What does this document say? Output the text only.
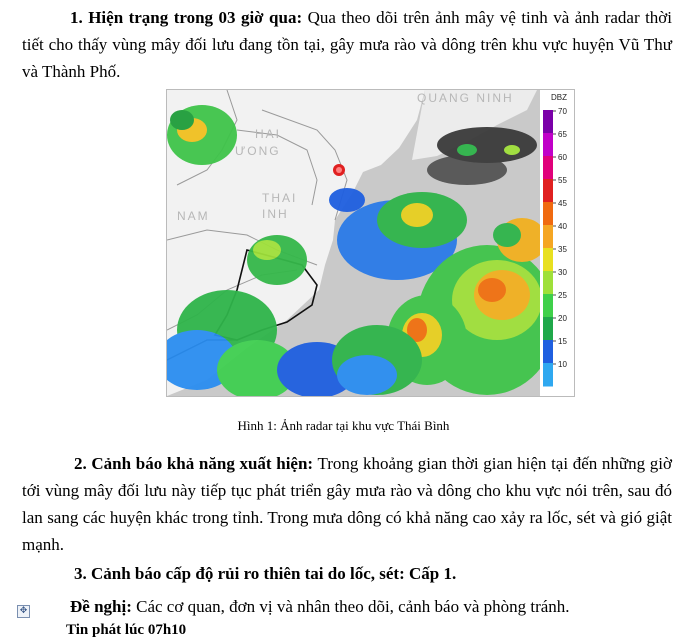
1. Hiện trạng trong 03 giờ qua: Qua theo dõi trên ảnh mây vệ tinh và ảnh radar thời tiết cho thấy vùng mây đối lưu đang tồn tại, gây mưa rào và dông trên khu vực huyện Vũ Thư và Thành Phố.
QUANG NINH
HAI
ƯONG
THAI
INH
NAM
DBZ
70
65
60
55
45
40
35
30
25
20
15
10
Hình 1: Ảnh radar tại khu vực Thái Bình
2. Cảnh báo khả năng xuất hiện: Trong khoảng gian thời gian hiện tại đến những giờ tới vùng mây đối lưu này tiếp tục phát triển gây mưa rào và dông cho khu vực nói trên, sau đó lan sang các huyện khác trong tỉnh. Trong mưa dông có khả năng cao xảy ra lốc, sét và gió giật mạnh.
3. Cảnh báo cấp độ rủi ro thiên tai do lốc, sét: Cấp 1.
✥	Đề nghị: Các cơ quan, đơn vị và nhân theo dõi, cảnh báo và phòng tránh.
Tin phát lúc 07h10
